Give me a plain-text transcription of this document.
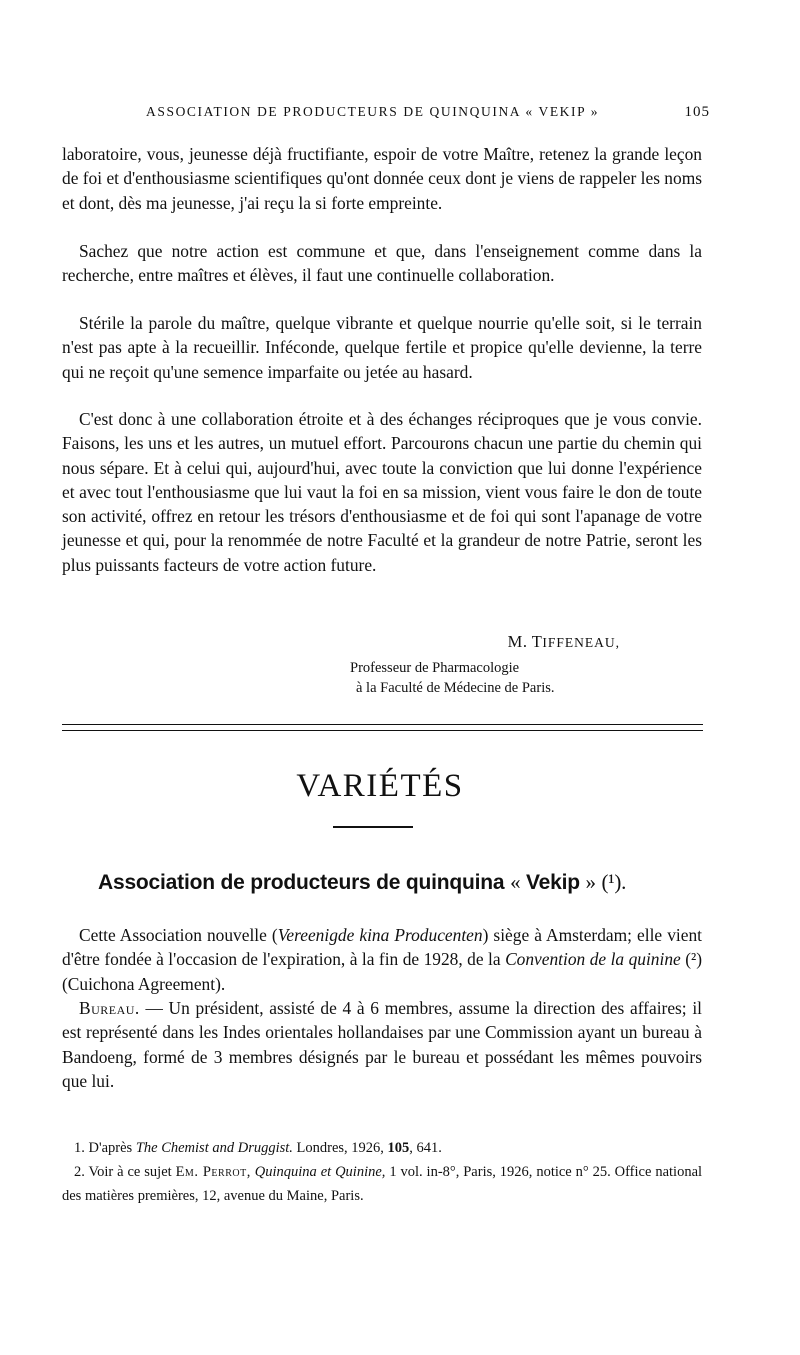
ASSOCIATION DE PRODUCTEURS DE QUINQUINA « VEKIP »	105

laboratoire, vous, jeunesse déjà fructifiante, espoir de votre Maître, retenez la grande leçon de foi et d'enthousiasme scientifiques qu'ont donnée ceux dont je viens de rappeler les noms et dont, dès ma jeunesse, j'ai reçu la si forte empreinte.

Sachez que notre action est commune et que, dans l'enseignement comme dans la recherche, entre maîtres et élèves, il faut une continuelle collaboration.

Stérile la parole du maître, quelque vibrante et quelque nourrie qu'elle soit, si le terrain n'est pas apte à la recueillir. Inféconde, quelque fertile et propice qu'elle devienne, la terre qui ne reçoit qu'une semence imparfaite ou jetée au hasard.

C'est donc à une collaboration étroite et à des échanges réciproques que je vous convie. Faisons, les uns et les autres, un mutuel effort. Parcourons chacun une partie du chemin qui nous sépare. Et à celui qui, aujourd'hui, avec toute la conviction que lui donne l'expérience et avec tout l'enthousiasme que lui vaut la foi en sa mission, vient vous faire le don de toute son activité, offrez en retour les trésors d'enthousiasme et de foi qui sont l'apanage de votre jeunesse et qui, pour la renommée de notre Faculté et la grandeur de notre Patrie, seront les plus puissants facteurs de votre action future.

M. TIFFENEAU,
Professeur de Pharmacologie
à la Faculté de Médecine de Paris.
VARIÉTÉS
Association de producteurs de quinquina « Vekip » (¹).

Cette Association nouvelle (Vereenigde kina Producenten) siège à Amsterdam; elle vient d'être fondée à l'occasion de l'expiration, à la fin de 1928, de la Convention de la quinine (²) (Cuichona Agreement).

Bureau. — Un président, assisté de 4 à 6 membres, assume la direction des affaires; il est représenté dans les Indes orientales hollandaises par une Commission ayant un bureau à Bandoeng, formé de 3 membres désignés par le bureau et possédant les mêmes pouvoirs que lui.

1. D'après The Chemist and Druggist. Londres, 1926, 105, 641.

2. Voir à ce sujet Em. Perrot, Quinquina et Quinine, 1 vol. in-8°, Paris, 1926, notice n° 25. Office national des matières premières, 12, avenue du Maine, Paris.
